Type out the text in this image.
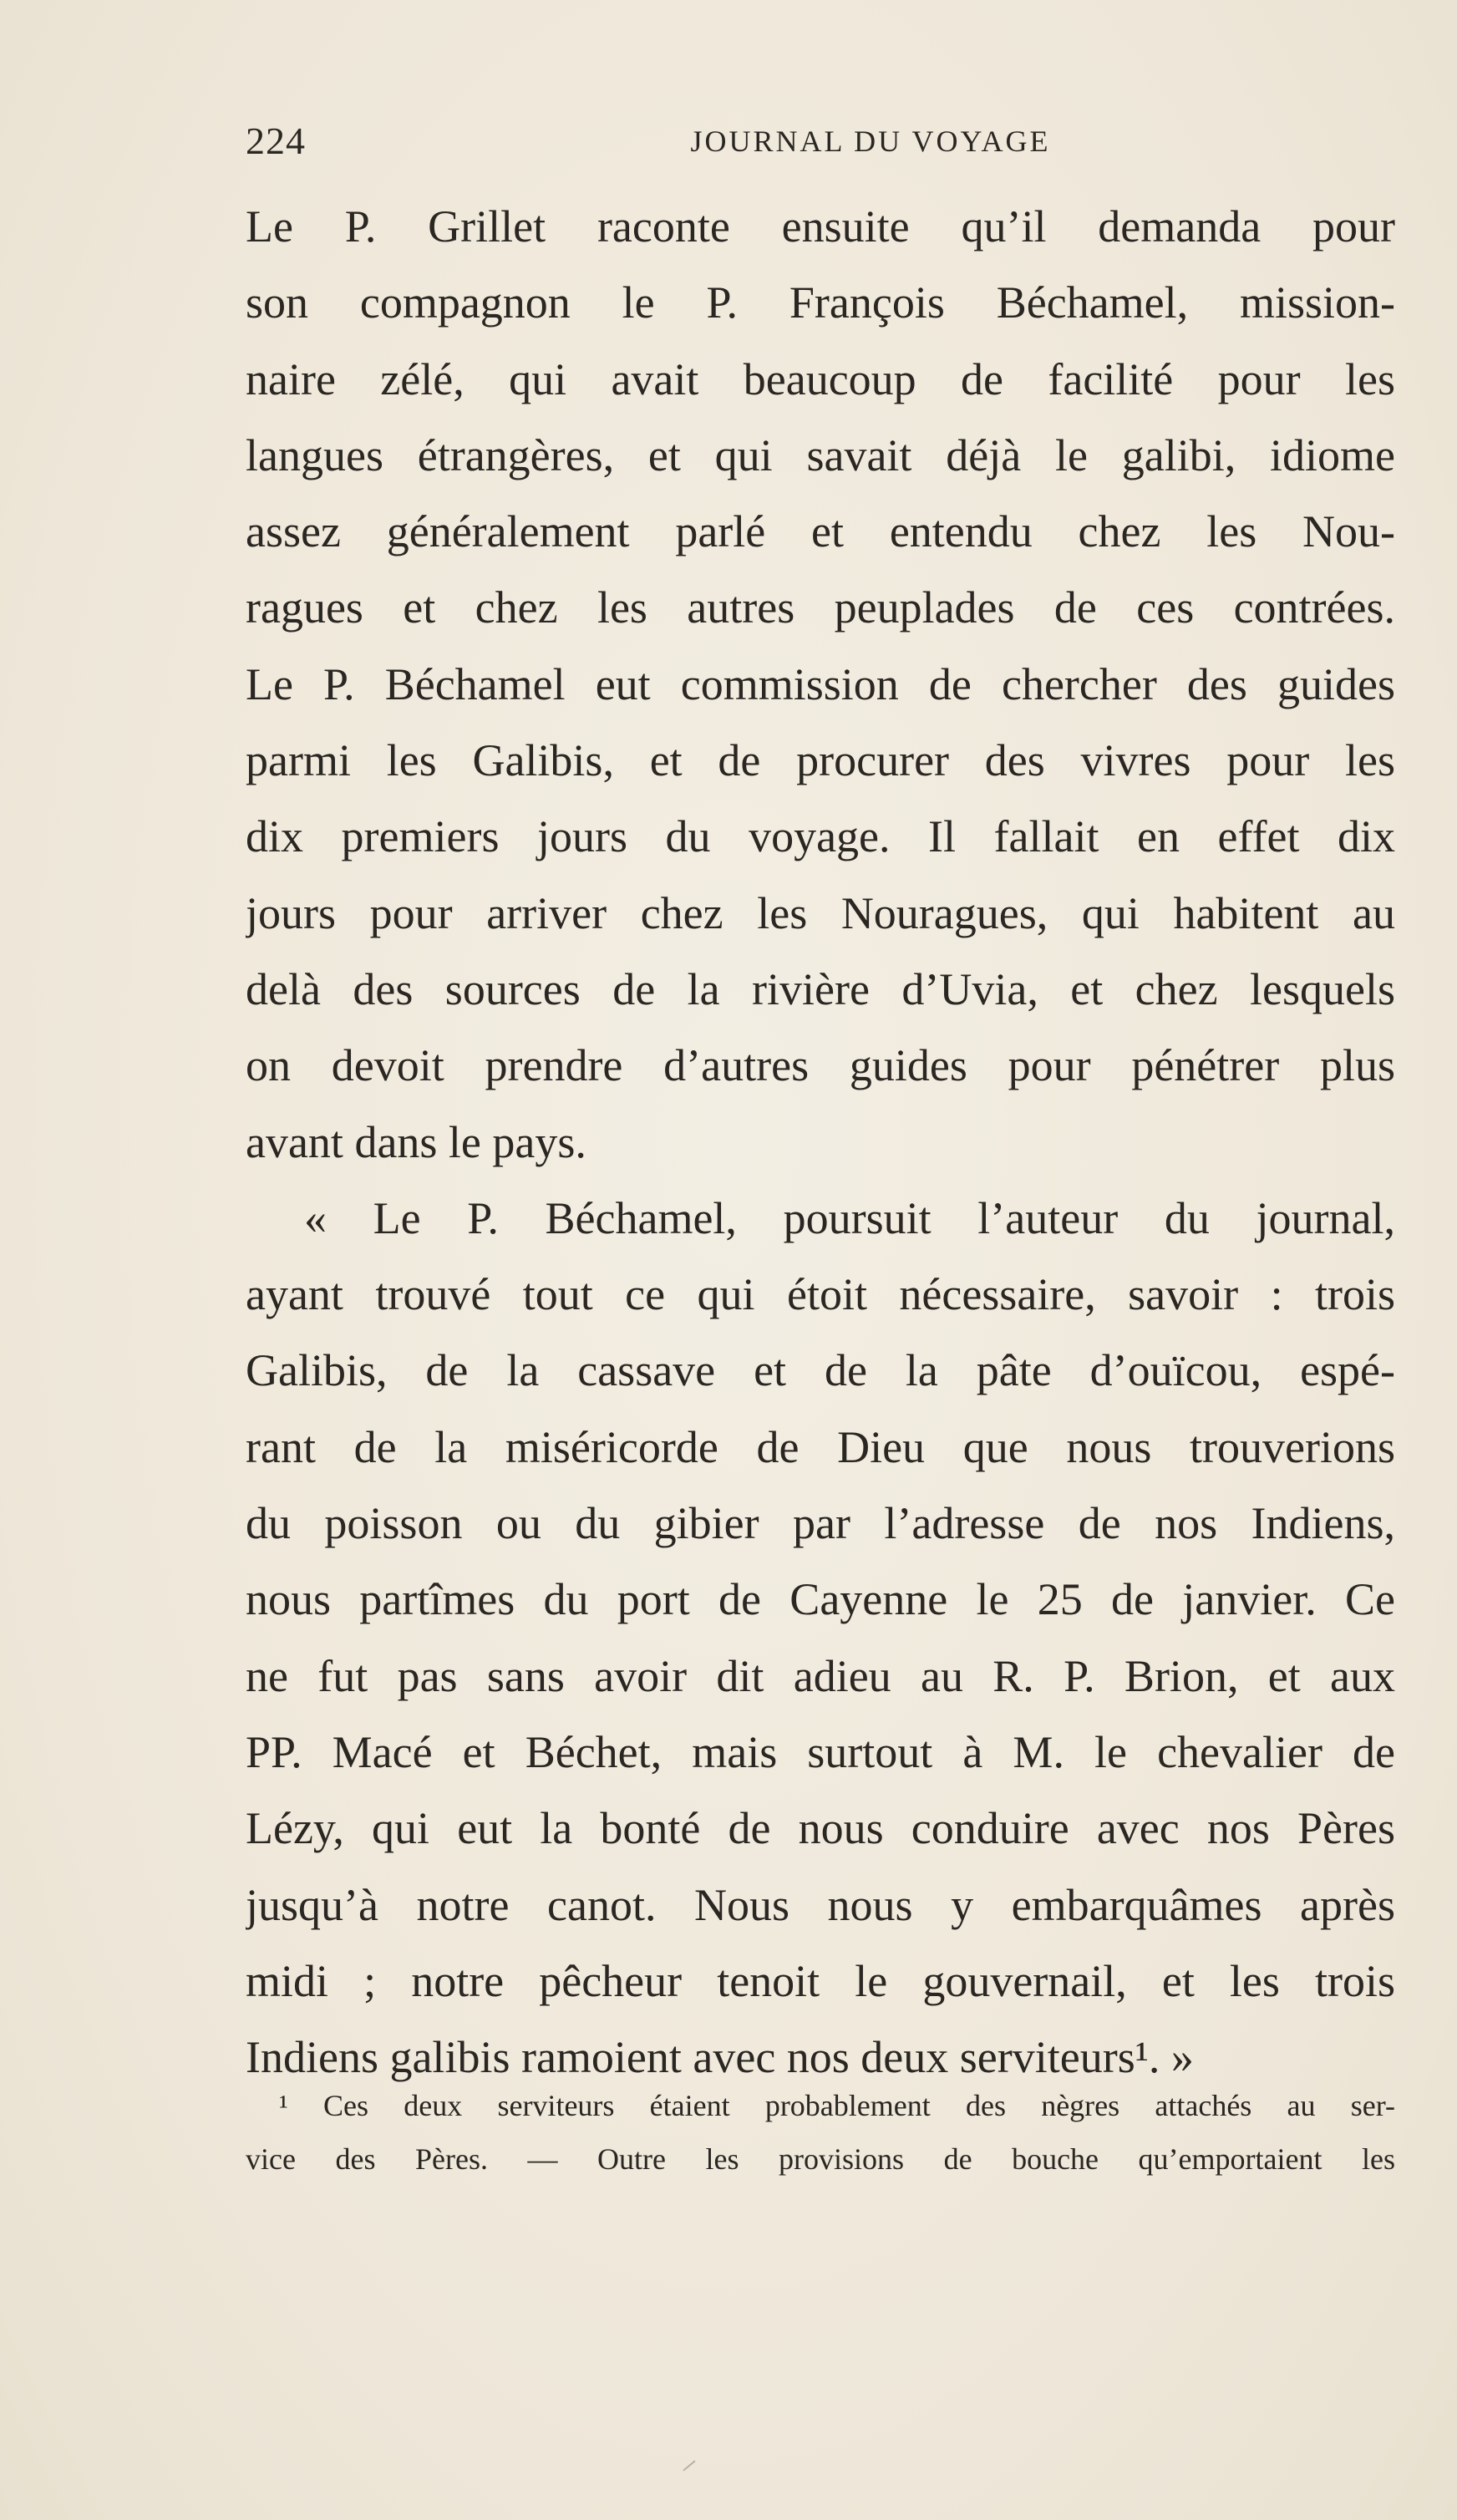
224	JOURNAL DU VOYAGE
Le P. Grillet raconte ensuite qu’il demanda pour
son compagnon le P. François Béchamel, mission-
naire zélé, qui avait beaucoup de facilité pour les
langues étrangères, et qui savait déjà le galibi, idiome
assez généralement parlé et entendu chez les Nou-
ragues et chez les autres peuplades de ces contrées.
Le P. Béchamel eut commission de chercher des guides
parmi les Galibis, et de procurer des vivres pour les
dix premiers jours du voyage. Il fallait en effet dix
jours pour arriver chez les Nouragues, qui habitent au
delà des sources de la rivière d’Uvia, et chez lesquels
on devoit prendre d’autres guides pour pénétrer plus
avant dans le pays.
« Le P. Béchamel, poursuit l’auteur du journal,
ayant trouvé tout ce qui étoit nécessaire, savoir : trois
Galibis, de la cassave et de la pâte d’ouïcou, espé-
rant de la miséricorde de Dieu que nous trouverions
du poisson ou du gibier par l’adresse de nos Indiens,
nous partîmes du port de Cayenne le 25 de janvier. Ce
ne fut pas sans avoir dit adieu au R. P. Brion, et aux
PP. Macé et Béchet, mais surtout à M. le chevalier de
Lézy, qui eut la bonté de nous conduire avec nos Pères
jusqu’à notre canot. Nous nous y embarquâmes après
midi ; notre pêcheur tenoit le gouvernail, et les trois
Indiens galibis ramoient avec nos deux serviteurs¹. »
¹ Ces deux serviteurs étaient probablement des nègres attachés au ser-
vice des Pères. — Outre les provisions de bouche qu’emportaient les
